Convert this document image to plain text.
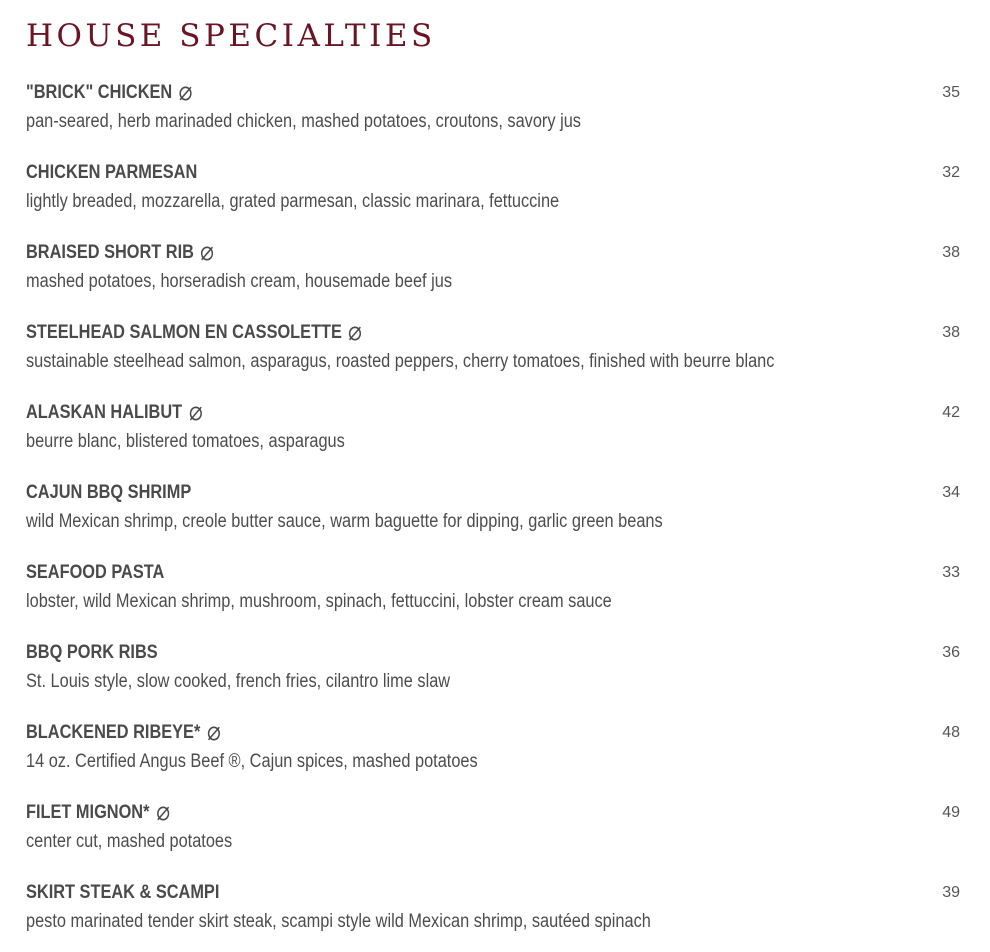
HOUSE SPECIALTIES
"BRICK" CHICKEN	35
pan-seared, herb marinaded chicken, mashed potatoes, croutons, savory jus
CHICKEN PARMESAN	32
lightly breaded, mozzarella, grated parmesan, classic marinara, fettuccine
BRAISED SHORT RIB	38
mashed potatoes, horseradish cream, housemade beef jus
STEELHEAD SALMON EN CASSOLETTE	38
sustainable steelhead salmon, asparagus, roasted peppers, cherry tomatoes, finished with beurre blanc
ALASKAN HALIBUT	42
beurre blanc, blistered tomatoes, asparagus
CAJUN BBQ SHRIMP	34
wild Mexican shrimp, creole butter sauce, warm baguette for dipping, garlic green beans
SEAFOOD PASTA	33
lobster, wild Mexican shrimp, mushroom, spinach, fettuccini, lobster cream sauce
BBQ PORK RIBS	36
St. Louis style, slow cooked, french fries, cilantro lime slaw
BLACKENED RIBEYE*	48
14 oz. Certified Angus Beef ®, Cajun spices, mashed potatoes
FILET MIGNON*	49
center cut, mashed potatoes
SKIRT STEAK & SCAMPI	39
pesto marinated tender skirt steak, scampi style wild Mexican shrimp, sautéed spinach
